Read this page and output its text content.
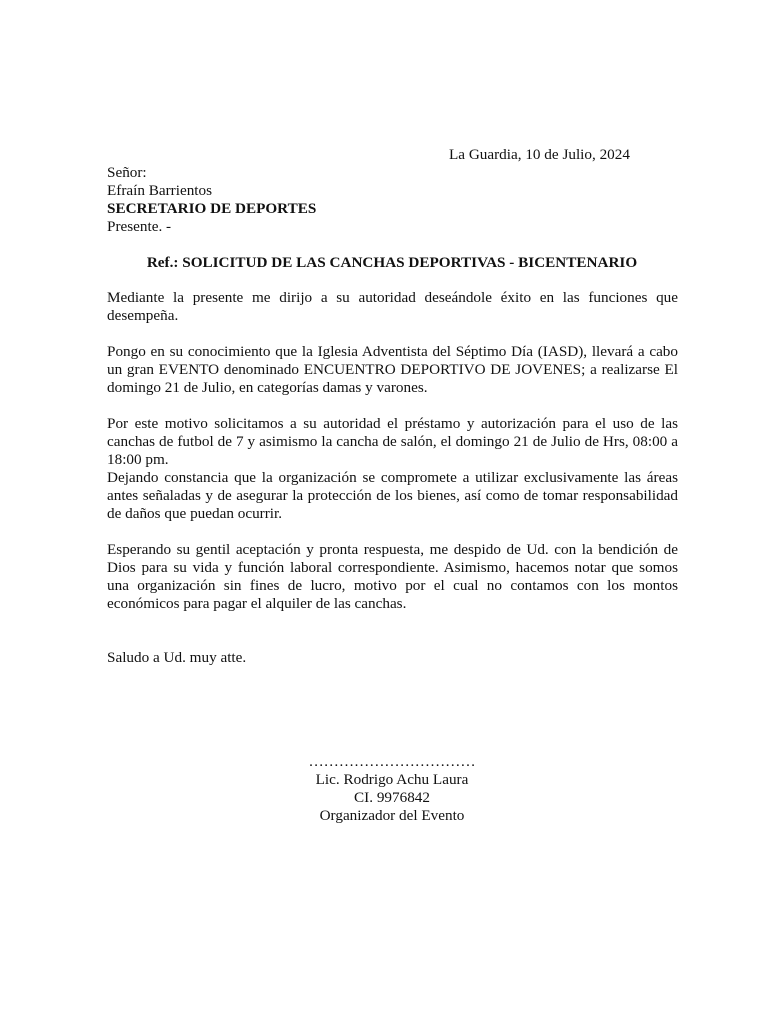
La Guardia, 10 de Julio, 2024
Señor:
Efraín Barrientos
SECRETARIO DE DEPORTES
Presente. -
Ref.: SOLICITUD DE LAS CANCHAS DEPORTIVAS - BICENTENARIO

Mediante la presente me dirijo a su autoridad deseándole éxito en las funciones que desempeña.

Pongo en su conocimiento que la Iglesia Adventista del Séptimo Día (IASD), llevará a cabo un gran EVENTO denominado ENCUENTRO DEPORTIVO DE JOVENES; a realizarse El domingo 21 de Julio, en categorías damas y varones.

Por este motivo solicitamos a su autoridad el préstamo y autorización para el uso de las canchas de futbol de 7 y asimismo la cancha de salón, el domingo 21 de Julio de Hrs, 08:00 a 18:00 pm.

Dejando constancia que la organización se compromete a utilizar exclusivamente las áreas antes señaladas y de asegurar la protección de los bienes, así como de tomar responsabilidad de daños que puedan ocurrir.

Esperando su gentil aceptación y pronta respuesta, me despido de Ud. con la bendición de Dios para su vida y función laboral correspondiente. Asimismo, hacemos notar que somos una organización sin fines de lucro, motivo por el cual no contamos con los montos económicos para pagar el alquiler de las canchas.

Saludo a Ud. muy atte.

……………………………
Lic. Rodrigo Achu Laura
CI. 9976842
Organizador del Evento
